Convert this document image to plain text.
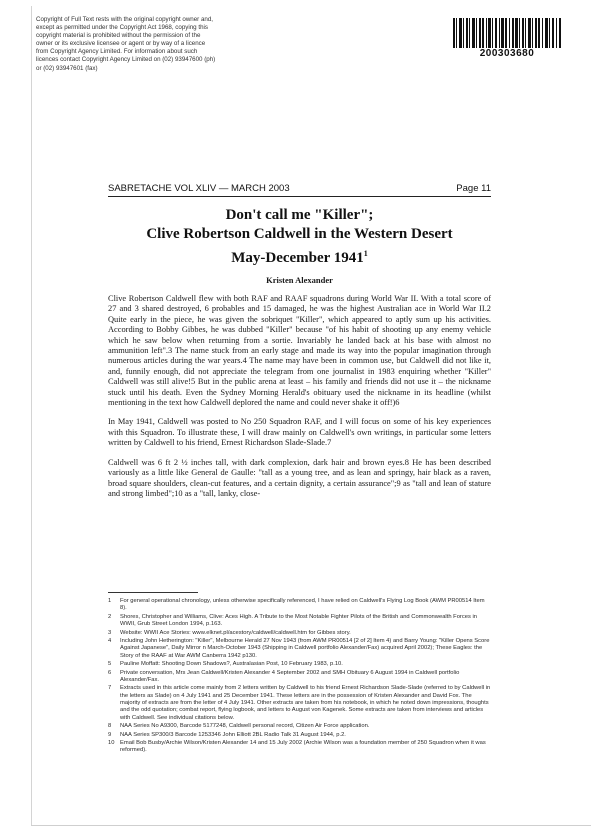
Copyright of Full Text rests with the original copyright owner and, except as permitted under the Copyright Act 1968, copying this copyright material is prohibited without the permission of the owner or its exclusive licensee or agent or by way of a licence from Copyright Agency Limited. For information about such licences contact Copyright Agency Limited on (02) 93947600 (ph) or (02) 93947601 (fax)
200303680
SABRETACHE VOL XLIV — MARCH 2003	Page 11
Don't call me "Killer";
Clive Robertson Caldwell in the Western Desert
May-December 1941$^1$
Kristen Alexander

Clive Robertson Caldwell flew with both RAF and RAAF squadrons during World War II. With a total score of 27 and 3 shared destroyed, 6 probables and 15 damaged, he was the highest Australian ace in World War II.2 Quite early in the piece, he was given the sobriquet "Killer", which appeared to aptly sum up his activities. According to Bobby Gibbes, he was dubbed "Killer" because "of his habit of shooting up any enemy vehicle which he saw below when returning from a sortie. Invariably he landed back at his base with almost no ammunition left".3 The name stuck from an early stage and made its way into the popular imagination through numerous articles during the war years.4 The name may have been in common use, but Caldwell did not like it, and, funnily enough, did not appreciate the telegram from one journalist in 1983 enquiring whether "Killer" Caldwell was still alive!5 But in the public arena at least – his family and friends did not use it – the nickname stuck until his death. Even the Sydney Morning Herald's obituary used the nickname in its headline (whilst mentioning in the text how Caldwell deplored the name and could never shake it off!)6

In May 1941, Caldwell was posted to No 250 Squadron RAF, and I will focus on some of his key experiences with this Squadron. To illustrate these, I will draw mainly on Caldwell's own writings, in particular some letters written by Caldwell to his friend, Ernest Richardson Slade-Slade.7

Caldwell was 6 ft 2 ½ inches tall, with dark complexion, dark hair and brown eyes.8 He has been described variously as a little like General de Gaulle: "tall as a young tree, and as lean and springy, hair black as a raven, broad square shoulders, clean-cut features, and a certain dignity, a certain assurance";9 as "tall and lean of stature and strong limbed";10 as a "tall, lanky, close-

1	For general operational chronology, unless otherwise specifically referenced, I have relied on Caldwell's Flying Log Book (AWM PR00514 Item 8).
2	Shores, Christopher and Williams, Clive: Aces High. A Tribute to the Most Notable Fighter Pilots of the British and Commonwealth Forces in WWII, Grub Street London 1994, p.163.
3	Website: WWII Ace Stories: www.elknet.pl/acestory/caldwell/caldwell.htm for Gibbes story.
4	Including John Hetherington: "Killer", Melbourne Herald 27 Nov 1943 (from AWM PR00514 [2 of 2] Item 4) and Barry Young: "Killer Opens Score Against Japanese", Daily Mirror n March-October 1943 (Shipping in Caldwell portfolio Alexander/Fax) acquired April 2002); These Eagles: the Story of the RAAF at War AWM Canberra 1942 p130.
5	Pauline Moffatt: Shooting Down Shadows?, Australasian Post, 10 February 1983, p.10.
6	Private conversation, Mrs Jean Caldwell/Kristen Alexander 4 September 2002 and SMH Obituary 6 August 1994 in Caldwell portfolio Alexander/Fax.
7	Extracts used in this article come mainly from 2 letters written by Caldwell to his friend Ernest Richardson Slade-Slade (referred to by Caldwell in the letters as Slade) on 4 July 1941 and 25 December 1941. These letters are in the possession of Kristen Alexander and David Fox. The majority of extracts are from the letter of 4 July 1941. Other extracts are taken from his notebook, in which he noted down impressions, thoughts and the odd quotation; combat report, flying logbook, and letters to August von Kagenek. Some extracts are taken from interviews and articles with Caldwell. See individual citations below.
8	NAA Series No A9300, Barcode 5177248, Caldwell personal record, Citizen Air Force application.
9	NAA Series SP300/3 Barcode 1253346 John Elliott 2BL Radio Talk 31 August 1944, p.2.
10 Email Bob Busby/Archie Wilson/Kristen Alexander 14 and 15 July 2002 (Archie Wilson was a foundation member of 250 Squadron when it was reformed).
